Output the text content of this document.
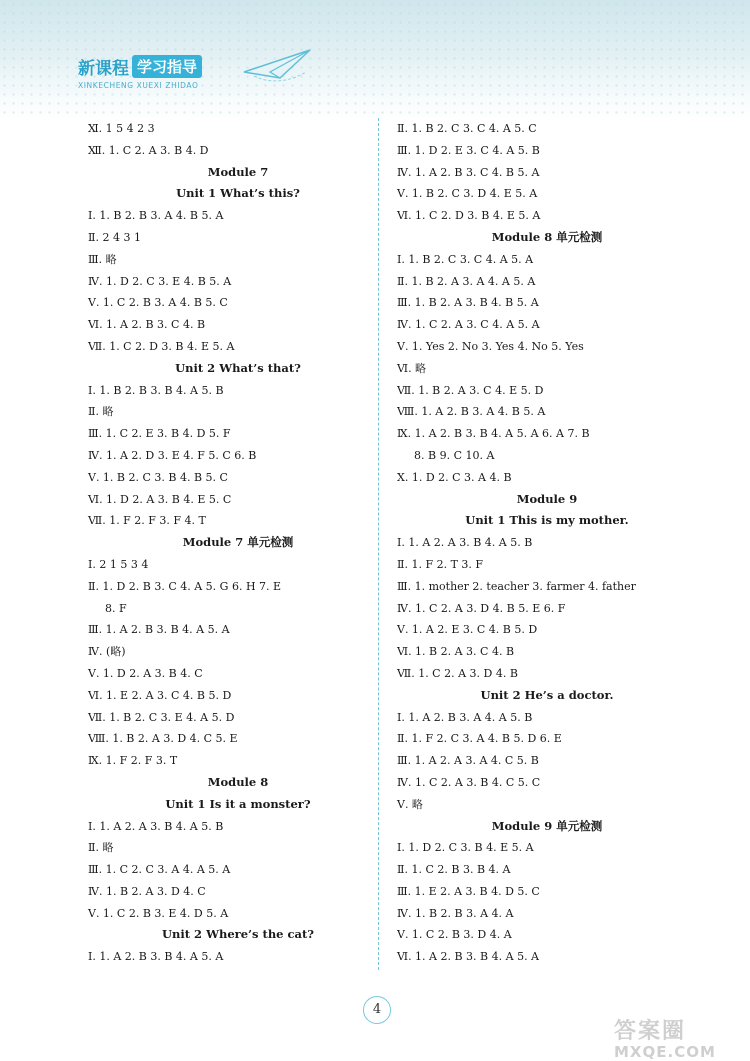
新课程 学习指导
XINKECHENG XUEXI ZHIDAO
Ⅺ. 1 5 4 2 3
Ⅻ. 1. C 2. A 3. B 4. D
Module 7
Unit 1 What’s this?
Ⅰ. 1. B 2. B 3. A 4. B 5. A
Ⅱ. 2 4 3 1
Ⅲ. 略
Ⅳ. 1. D 2. C 3. E 4. B 5. A
Ⅴ. 1. C 2. B 3. A 4. B 5. C
Ⅵ. 1. A 2. B 3. C 4. B
Ⅶ. 1. C 2. D 3. B 4. E 5. A
Unit 2 What’s that?
Ⅰ. 1. B 2. B 3. B 4. A 5. B
Ⅱ. 略
Ⅲ. 1. C 2. E 3. B 4. D 5. F
Ⅳ. 1. A 2. D 3. E 4. F 5. C 6. B
Ⅴ. 1. B 2. C 3. B 4. B 5. C
Ⅵ. 1. D 2. A 3. B 4. E 5. C
Ⅶ. 1. F 2. F 3. F 4. T
Module 7 单元检测
Ⅰ. 2 1 5 3 4
Ⅱ. 1. D 2. B 3. C 4. A 5. G 6. H 7. E
8. F
Ⅲ. 1. A 2. B 3. B 4. A 5. A
Ⅳ. (略)
Ⅴ. 1. D 2. A 3. B 4. C
Ⅵ. 1. E 2. A 3. C 4. B 5. D
Ⅶ. 1. B 2. C 3. E 4. A 5. D
Ⅷ. 1. B 2. A 3. D 4. C 5. E
Ⅸ. 1. F 2. F 3. T
Module 8
Unit 1 Is it a monster?
Ⅰ. 1. A 2. A 3. B 4. A 5. B
Ⅱ. 略
Ⅲ. 1. C 2. C 3. A 4. A 5. A
Ⅳ. 1. B 2. A 3. D 4. C
Ⅴ. 1. C 2. B 3. E 4. D 5. A
Unit 2 Where’s the cat?
Ⅰ. 1. A 2. B 3. B 4. A 5. A
Ⅱ. 1. B 2. C 3. C 4. A 5. C
Ⅲ. 1. D 2. E 3. C 4. A 5. B
Ⅳ. 1. A 2. B 3. C 4. B 5. A
Ⅴ. 1. B 2. C 3. D 4. E 5. A
Ⅵ. 1. C 2. D 3. B 4. E 5. A
Module 8 单元检测
Ⅰ. 1. B 2. C 3. C 4. A 5. A
Ⅱ. 1. B 2. A 3. A 4. A 5. A
Ⅲ. 1. B 2. A 3. B 4. B 5. A
Ⅳ. 1. C 2. A 3. C 4. A 5. A
Ⅴ. 1. Yes 2. No 3. Yes 4. No 5. Yes
Ⅵ. 略
Ⅶ. 1. B 2. A 3. C 4. E 5. D
Ⅷ. 1. A 2. B 3. A 4. B 5. A
Ⅸ. 1. A 2. B 3. B 4. A 5. A 6. A 7. B
8. B 9. C 10. A
Ⅹ. 1. D 2. C 3. A 4. B
Module 9
Unit 1 This is my mother.
Ⅰ. 1. A 2. A 3. B 4. A 5. B
Ⅱ. 1. F 2. T 3. F
Ⅲ. 1. mother 2. teacher 3. farmer 4. father
Ⅳ. 1. C 2. A 3. D 4. B 5. E 6. F
Ⅴ. 1. A 2. E 3. C 4. B 5. D
Ⅵ. 1. B 2. A 3. C 4. B
Ⅶ. 1. C 2. A 3. D 4. B
Unit 2 He’s a doctor.
Ⅰ. 1. A 2. B 3. A 4. A 5. B
Ⅱ. 1. F 2. C 3. A 4. B 5. D 6. E
Ⅲ. 1. A 2. A 3. A 4. C 5. B
Ⅳ. 1. C 2. A 3. B 4. C 5. C
Ⅴ. 略
Module 9 单元检测
Ⅰ. 1. D 2. C 3. B 4. E 5. A
Ⅱ. 1. C 2. B 3. B 4. A
Ⅲ. 1. E 2. A 3. B 4. D 5. C
Ⅳ. 1. B 2. B 3. A 4. A
Ⅴ. 1. C 2. B 3. D 4. A
Ⅵ. 1. A 2. B 3. B 4. A 5. A
4
答案圈
MXQE.COM
